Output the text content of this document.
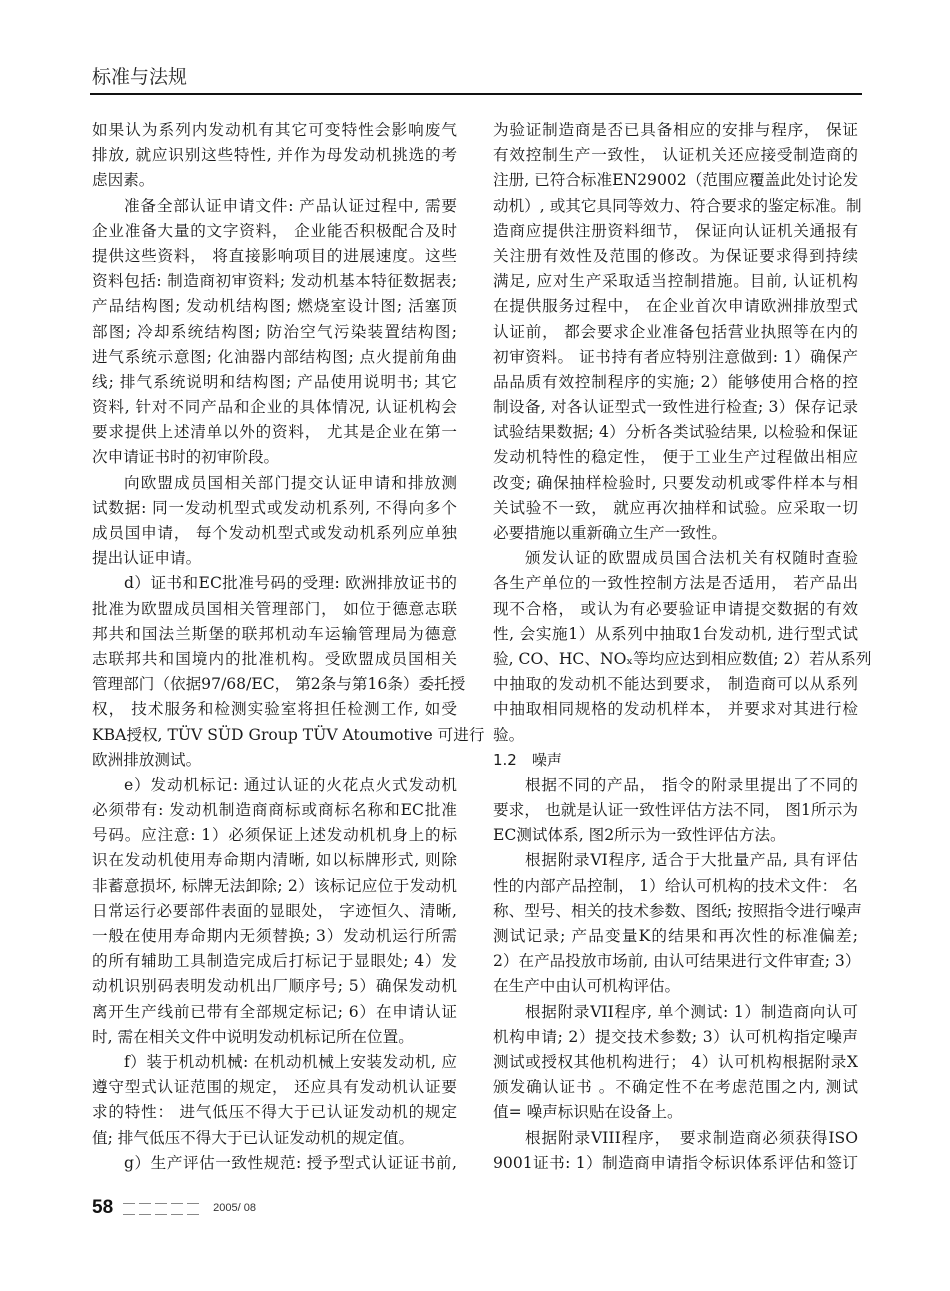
标准与法规
如果认为系列内发动机有其它可变特性会影响废气
排放, 就应识别这些特性, 并作为母发动机挑选的考
虑因素。
准备全部认证申请文件: 产品认证过程中, 需要
企业准备大量的文字资料， 企业能否积极配合及时
提供这些资料， 将直接影响项目的进展速度。这些
资料包括: 制造商初审资料; 发动机基本特征数据表;
产品结构图; 发动机结构图; 燃烧室设计图; 活塞顶
部图; 冷却系统结构图; 防治空气污染装置结构图;
进气系统示意图; 化油器内部结构图; 点火提前角曲
线; 排气系统说明和结构图; 产品使用说明书; 其它
资料, 针对不同产品和企业的具体情况, 认证机构会
要求提供上述清单以外的资料， 尤其是企业在第一
次申请证书时的初审阶段。
向欧盟成员国相关部门提交认证申请和排放测
试数据: 同一发动机型式或发动机系列, 不得向多个
成员国申请， 每个发动机型式或发动机系列应单独
提出认证申请。
d）证书和EC批准号码的受理: 欧洲排放证书的
批准为欧盟成员国相关管理部门， 如位于德意志联
邦共和国法兰斯堡的联邦机动车运输管理局为德意
志联邦共和国境内的批准机构。受欧盟成员国相关
管理部门（依据97/68/EC， 第2条与第16条）委托授
权， 技术服务和检测实验室将担任检测工作, 如受
KBA授权, TÜV SÜD Group TÜV Atoumotive 可进行
欧洲排放测试。
e）发动机标记: 通过认证的火花点火式发动机
必须带有: 发动机制造商商标或商标名称和EC批准
号码。应注意: 1）必须保证上述发动机机身上的标
识在发动机使用寿命期内清晰, 如以标牌形式, 则除
非蓄意损坏, 标牌无法卸除; 2）该标记应位于发动机
日常运行必要部件表面的显眼处， 字迹恒久、清晰,
一般在使用寿命期内无须替换; 3）发动机运行所需
的所有辅助工具制造完成后打标记于显眼处; 4）发
动机识别码表明发动机出厂顺序号; 5）确保发动机
离开生产线前已带有全部规定标记; 6）在申请认证
时, 需在相关文件中说明发动机标记所在位置。
f）装于机动机械: 在机动机械上安装发动机, 应
遵守型式认证范围的规定， 还应具有发动机认证要
求的特性： 进气低压不得大于已认证发动机的规定
值; 排气低压不得大于已认证发动机的规定值。
g）生产评估一致性规范: 授予型式认证证书前,
为验证制造商是否已具备相应的安排与程序， 保证
有效控制生产一致性， 认证机关还应接受制造商的
注册, 已符合标准EN29002（范围应覆盖此处讨论发
动机）, 或其它具同等效力、符合要求的鉴定标准。制
造商应提供注册资料细节， 保证向认证机关通报有
关注册有效性及范围的修改。为保证要求得到持续
满足, 应对生产采取适当控制措施。目前, 认证机构
在提供服务过程中， 在企业首次申请欧洲排放型式
认证前， 都会要求企业准备包括营业执照等在内的
初审资料。 证书持有者应特别注意做到: 1）确保产
品品质有效控制程序的实施; 2）能够使用合格的控
制设备, 对各认证型式一致性进行检查; 3）保存记录
试验结果数据; 4）分析各类试验结果, 以检验和保证
发动机特性的稳定性， 便于工业生产过程做出相应
改变; 确保抽样检验时, 只要发动机或零件样本与相
关试验不一致， 就应再次抽样和试验。应采取一切
必要措施以重新确立生产一致性。
颁发认证的欧盟成员国合法机关有权随时查验
各生产单位的一致性控制方法是否适用， 若产品出
现不合格， 或认为有必要验证申请提交数据的有效
性, 会实施1）从系列中抽取1台发动机, 进行型式试
验, CO、HC、NOₓ等均应达到相应数值; 2）若从系列
中抽取的发动机不能达到要求， 制造商可以从系列
中抽取相同规格的发动机样本， 并要求对其进行检
验。
1.2　噪声
根据不同的产品， 指令的附录里提出了不同的
要求， 也就是认证一致性评估方法不同， 图1所示为
EC测试体系, 图2所示为一致性评估方法。
根据附录VI程序, 适合于大批量产品, 具有评估
性的内部产品控制， 1）给认可机构的技术文件： 名
称、型号、相关的技术参数、图纸; 按照指令进行噪声
测试记录; 产品变量K的结果和再次性的标准偏差;
2）在产品投放市场前, 由认可结果进行文件审查; 3）
在生产中由认可机构评估。
根据附录VII程序, 单个测试: 1）制造商向认可
机构申请; 2）提交技术参数; 3）认可机构指定噪声
测试或授权其他机构进行； 4）认可机构根据附录X
颁发确认证书 。不确定性不在考虑范围之内, 测试
值= 噪声标识贴在设备上。
根据附录VIII程序，　要求制造商必须获得ISO
9001证书: 1）制造商申请指令标识体系评估和签订
58	2005/ 08
